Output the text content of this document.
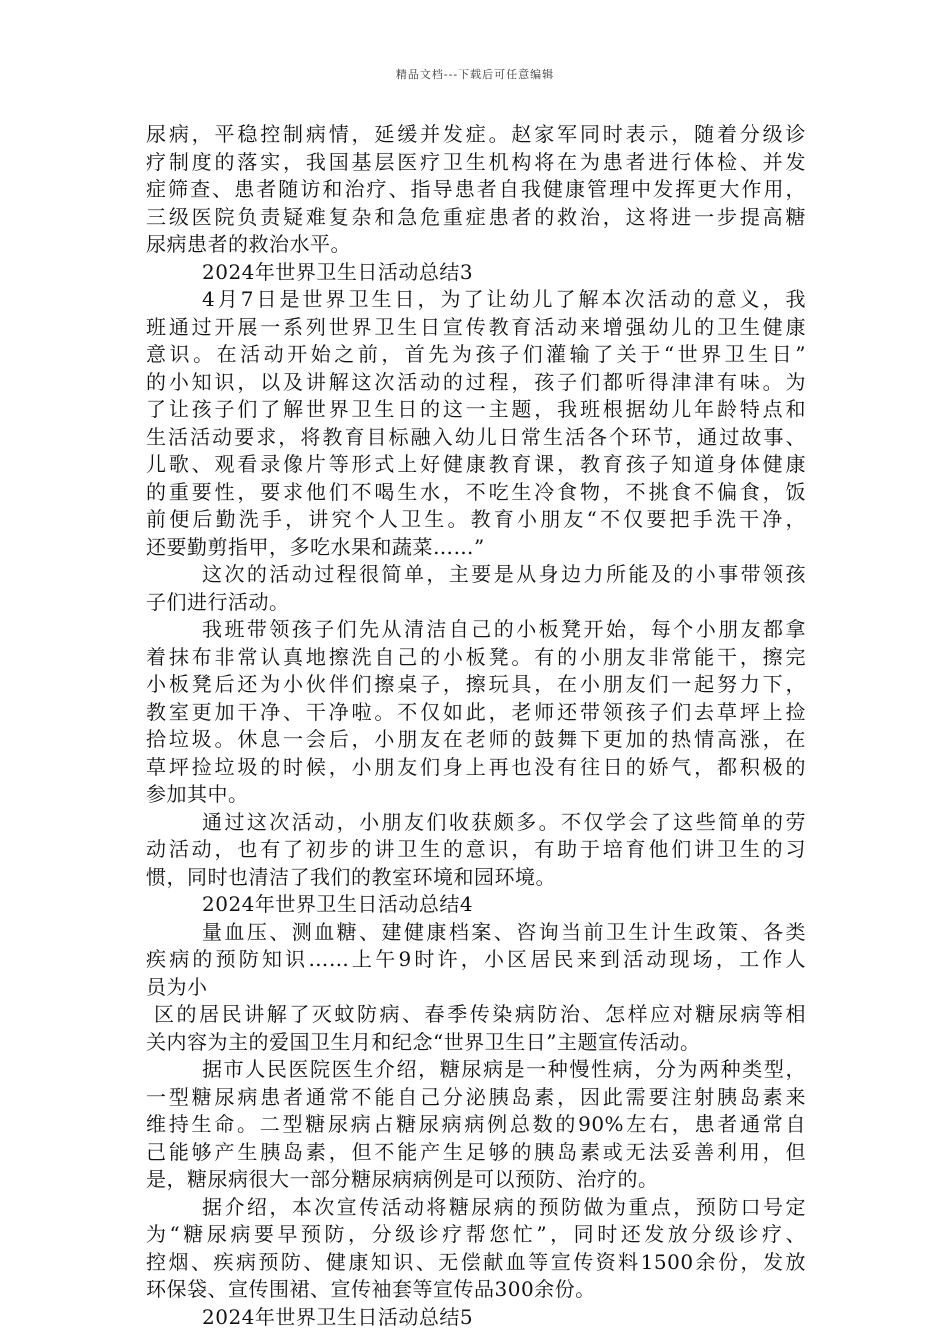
精品文档---下载后可任意编辑
尿病，平稳控制病情，延缓并发症。赵家军同时表示，随着分级诊
疗制度的落实，我国基层医疗卫生机构将在为患者进行体检、并发
症筛查、患者随访和治疗、指导患者自我健康管理中发挥更大作用，
三级医院负责疑难复杂和急危重症患者的救治，这将进一步提高糖
尿病患者的救治水平。
2024年世界卫生日活动总结3
4月7日是世界卫生日，为了让幼儿了解本次活动的意义，我
班通过开展一系列世界卫生日宣传教育活动来增强幼儿的卫生健康
意识。在活动开始之前，首先为孩子们灌输了关于“世界卫生日”
的小知识，以及讲解这次活动的过程，孩子们都听得津津有味。为
了让孩子们了解世界卫生日的这一主题，我班根据幼儿年龄特点和
生活活动要求，将教育目标融入幼儿日常生活各个环节，通过故事、
儿歌、观看录像片等形式上好健康教育课，教育孩子知道身体健康
的重要性，要求他们不喝生水，不吃生冷食物，不挑食不偏食，饭
前便后勤洗手，讲究个人卫生。教育小朋友“不仅要把手洗干净，
还要勤剪指甲，多吃水果和蔬菜……”
这次的活动过程很简单，主要是从身边力所能及的小事带领孩
子们进行活动。
我班带领孩子们先从清洁自己的小板凳开始，每个小朋友都拿
着抹布非常认真地擦洗自己的小板凳。有的小朋友非常能干，擦完
小板凳后还为小伙伴们擦桌子，擦玩具，在小朋友们一起努力下，
教室更加干净、干净啦。不仅如此，老师还带领孩子们去草坪上捡
拾垃圾。休息一会后，小朋友在老师的鼓舞下更加的热情高涨，在
草坪捡垃圾的时候，小朋友们身上再也没有往日的娇气，都积极的
参加其中。
通过这次活动，小朋友们收获颇多。不仅学会了这些简单的劳
动活动，也有了初步的讲卫生的意识，有助于培育他们讲卫生的习
惯，同时也清洁了我们的教室环境和园环境。
2024年世界卫生日活动总结4
量血压、测血糖、建健康档案、咨询当前卫生计生政策、各类
疾病的预防知识……上午9时许，小区居民来到活动现场，工作人
员为小
区的居民讲解了灭蚊防病、春季传染病防治、怎样应对糖尿病等相
关内容为主的爱国卫生月和纪念“世界卫生日”主题宣传活动。
据市人民医院医生介绍，糖尿病是一种慢性病，分为两种类型，
一型糖尿病患者通常不能自己分泌胰岛素，因此需要注射胰岛素来
维持生命。二型糖尿病占糖尿病病例总数的90%左右，患者通常自
己能够产生胰岛素，但不能产生足够的胰岛素或无法妥善利用，但
是，糖尿病很大一部分糖尿病病例是可以预防、治疗的。
据介绍，本次宣传活动将糖尿病的预防做为重点，预防口号定
为“糖尿病要早预防，分级诊疗帮您忙”，同时还发放分级诊疗、
控烟、疾病预防、健康知识、无偿献血等宣传资料1500余份，发放
环保袋、宣传围裙、宣传袖套等宣传品300余份。
2024年世界卫生日活动总结5
